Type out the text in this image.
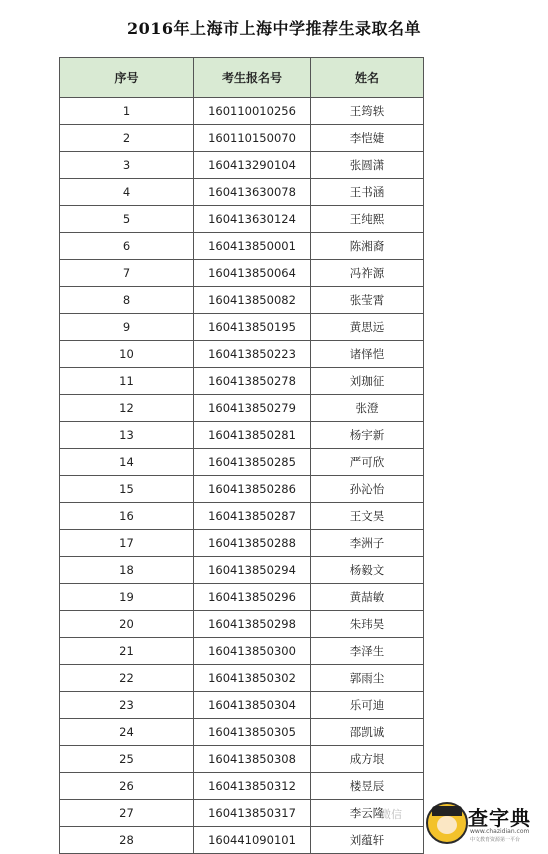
2016年上海市上海中学推荐生录取名单
序号	考生报名号	姓名
1	160110010256	王筠轶
2	160110150070	李恺婕
3	160413290104	张圆潇
4	160413630078	王书涵
5	160413630124	王纯熙
6	160413850001	陈湘裔
7	160413850064	冯祚源
8	160413850082	张莹霄
9	160413850195	黄思远
10	160413850223	诸怿恺
11	160413850278	刘珈征
12	160413850279	张澄
13	160413850281	杨宇新
14	160413850285	严可欣
15	160413850286	孙沁怡
16	160413850287	王文昊
17	160413850288	李洲子
18	160413850294	杨毅文
19	160413850296	黄喆敏
20	160413850298	朱玮昊
21	160413850300	李泽生
22	160413850302	郭雨尘
23	160413850304	乐可迪
24	160413850305	邵凯诚
25	160413850308	成方垠
26	160413850312	楼昱辰
27	160413850317	李云隆
28	160441090101	刘蕴轩
微信	查字典
www.chazidian.com
中文教育资源第一平台
